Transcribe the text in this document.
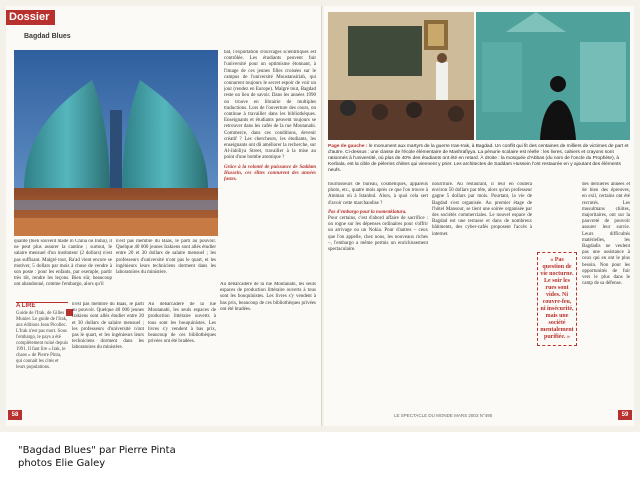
Dossier
Bagdad Blues
bat, l'exportation d'ouvrages scientifiques est contrôlée. Les étudiants peuvent fuir l'université pour un optimisme étonnant, à l'image de ces jeunes filles croisées sur le campus de l'université Moustansiriah, qui connurent toujours le secret espoir de voir un jour (rendez en Europe). Malgré tout, Bagdad reste un lieu de savoir. Dans les années 1990 on trouve en librairie de multiples traductions. Lors de l'ouverture des cours, on continue à travailler dans les bibliothèques. Enseignants et étudiants peuvent toujours se retrouver dans les cafés de la rue Moutanabi. Commerce, dans ces conditions, devenir créatif ? Les chercheurs, les étudiants, les enseignants ont dû améliorer la recherche, sur Al-Jahiliya Street, travailler à la mise au point d'une bombe atomique ?
Grâce à la volonté de puissance de Saddam Hussein, ces élites connurent des années fastes.
qualité (bien souvent made in China ou India), il ne peut plus assurer la cantine ; surtout, le salaire mensuel d'un instituteur (2 dollars) n'est pas suffisant. Malgré tout, Ra'ad vient encore se motiver, 5 dollars par mois à chose de vendre à son poste : pour les enfants, par exemple, partir très tôt, rendre les leçons. Bien sûr, beaucoup ont abandonné, comme l'embargo, alors qu'il
n'est pas membre du Baas, le parti au pouvoir. Quelque 40 000 jeunes Irakiens sont allés étudier entre 20 et 30 dollars de salaire mensuel ; les professeurs d'université n'ont pas le quart, et les ingénieurs leurs techniciens dorment dans les laboratoires du ministère.
Au débarcadère de la rue Moutanabi, les seuls espaces de production littéraire ouverts à tous sont les bouquinistes. Les livres s'y vendent à bas prix, beaucoup de ces bibliothèques privées ont été bradées.
A LIRE
Guide de l'Irak, de Gilles Munier. Le guide de l'Irak, aux éditions Jean Picollec. L'Irak n'est pas mort. Sous l'embargo, le pays a été complètement ruiné depuis 1991. Il faut lire « Irak, le chaos » de Pierre Pinta, qui connaît les cités et leurs populations.
n'est pas membre du Baas, le parti au pouvoir. Quelque 40 000 jeunes Irakiens sont allés étudier entre 20 et 30 dollars de salaire mensuel ; les professeurs d'université n'ont pas le quart, et les ingénieurs leurs techniciens dorment dans les laboratoires du ministère.
Au débarcadère de la rue Moutanabi, les seuls espaces de production littéraire ouverts à tous sont les bouquinistes. Les livres s'y vendent à bas prix, beaucoup de ces bibliothèques privées ont été bradées.
58
Page de gauche : le monument aux martyrs de la guerre Iran-Irak, à Bagdad. Un conflit qui fit des centaines de milliers de victimes de part et d'autre. Ci-dessus : une classe de l'école élémentaire de Mashrafiyya. La pénurie scolaire est réelle : les livres, cahiers et crayons sont rationnés à l'université, où plus de 40% des étudiants ont été en retard. À droite : la mosquée d'Abbas (du nom de l'oncle du Prophète), à Kerbala, est la cible de pèlerins chiites qui viennent y prier. Les architectes de Saddam Hussein l'ont restaurée en y ajoutant des éléments neufs.
fournisseurs de bureau, cosmétiques, appareils photo, etc., quatre mois après ce que l'on trouve à Amman où à Istanbul. Alors, à quoi cela sert d'avoir cette marchandise ?
Pas d'embargo pour la nomenklatura.
Pour certains, c'est d'abord affaire de sacrifice : on rogne sur les dépenses ordinaires pour s'offrir un arrivage ou un Nokia. Pour d'autres – ceux que l'on appelle, chez nous, les nouveaux riches –, l'embargo a même permis un enrichissement spectaculaire.
nourriture. Au restaurant, il leur en coûtera environ 50 dollars par tête, alors qu'un professeur gagne 5 dollars par mois. Pourtant, la vie de Bagdad s'est organisée. Au premier étage de l'hôtel Mansour, se tient une soirée organisée par des sociétés commerciales. Le nouvel espace de Bagdad est une terrasse et dans de nombreux bâtiments, des cyber-cafés proposent l'accès à internet.
« Pas question de vie nocturne. Le soir les rues sont vides. Ni couvre-feu, ni insécurité, mais une société mentalement purifiée. »
des dernières années et de bien des épreuves, en exil, certains ont été recrutés. Les musulmans chiites, majoritaires, ont sur la pauvreté de pouvoir assurer leur survie. Leurs difficultés matérielles, les Bagdadis ne veulent pas une assistance à ceux qui en ont le plus besoin. Non pour les opportunités de fuir vers le plus dans le camp de sa défense.
LE SPECTACLE DU MONDE MARS 2003 N°490	59
"Bagdad Blues" par Pierre Pinta
photos Elie Galey
